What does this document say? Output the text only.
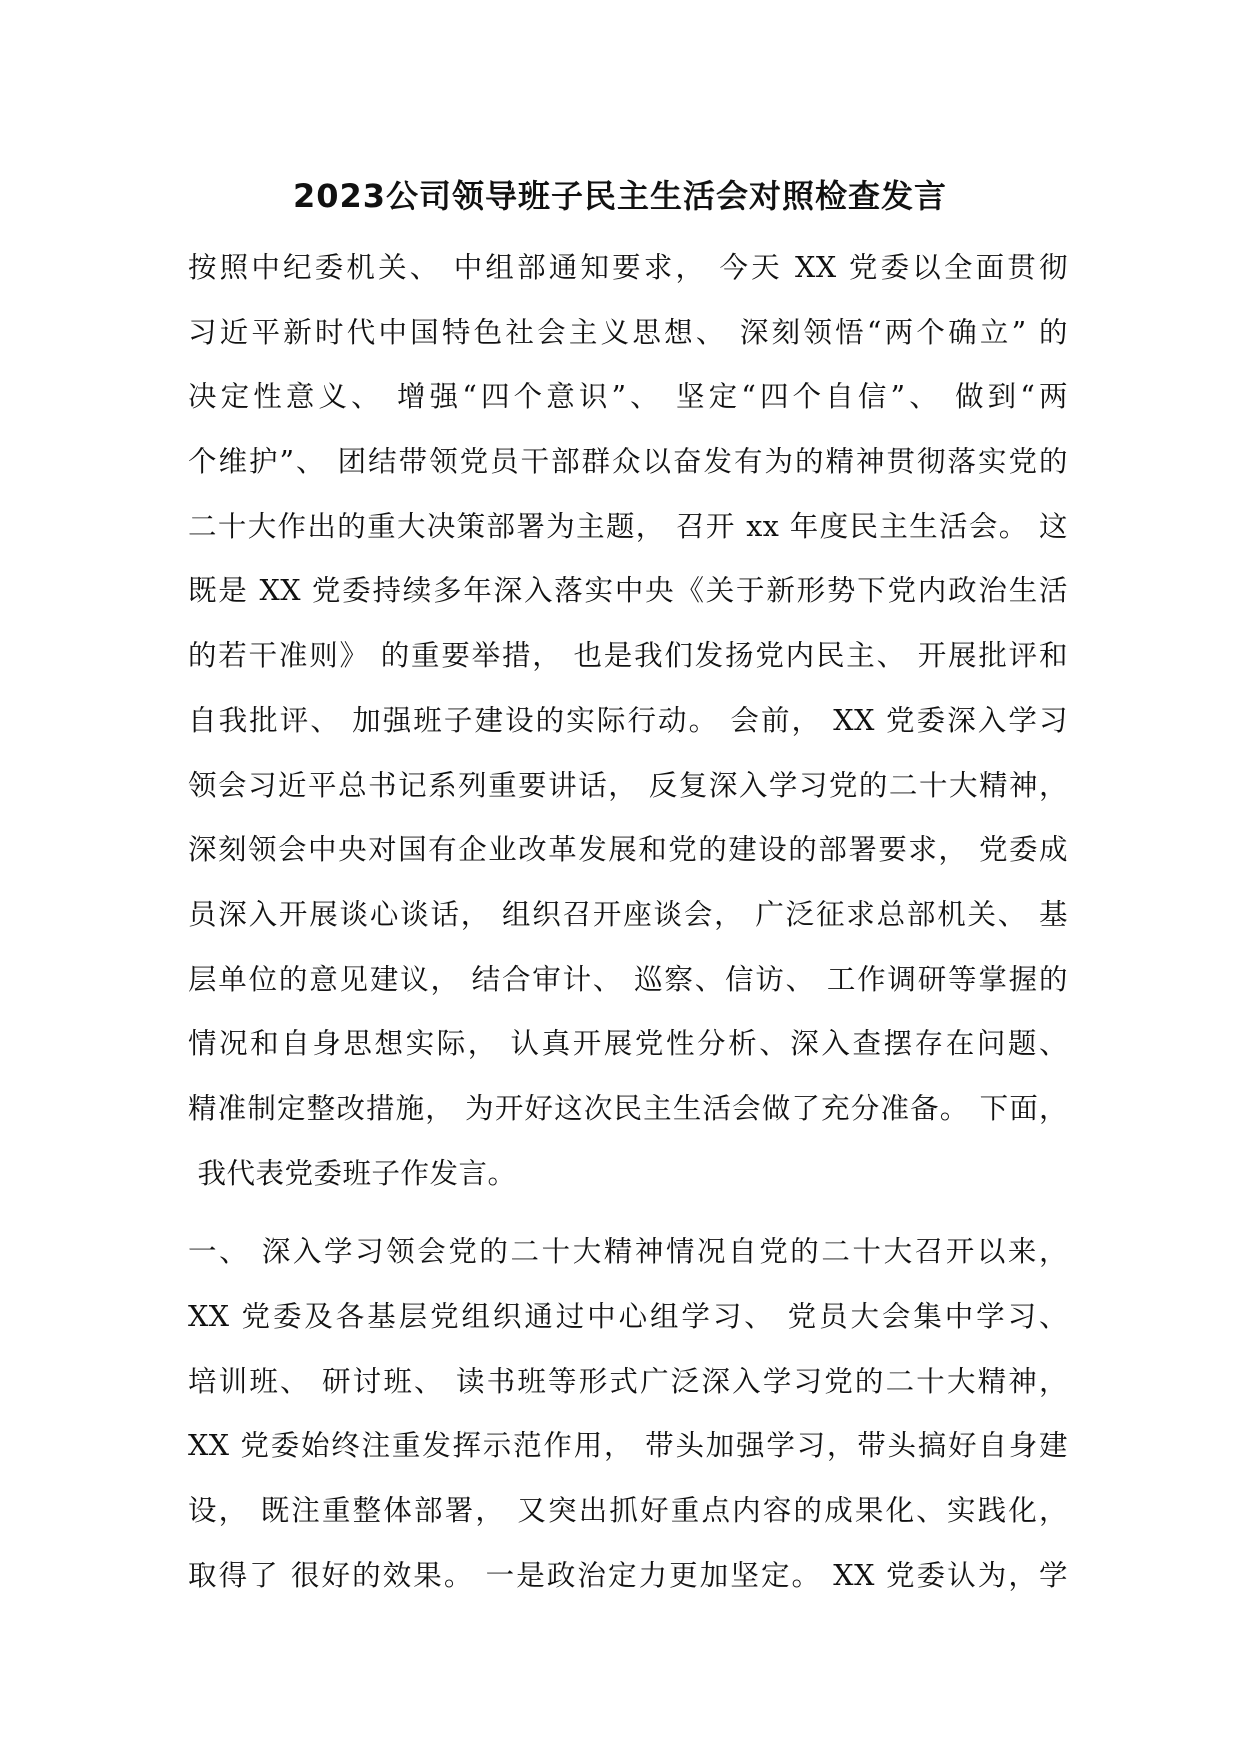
2023公司领导班子民主生活会对照检查发言
按照中纪委机关、 中组部通知要求， 今天 XX 党委以全面贯彻
习近平新时代中国特色社会主义思想、 深刻领悟“两个确立” 的
决定性意义、 增强“四个意识”、 坚定“四个自信”、 做到“两
个维护”、 团结带领党员干部群众以奋发有为的精神贯彻落实党的
二十大作出的重大决策部署为主题， 召开 xx 年度民主生活会。 这
既是 XX 党委持续多年深入落实中央《关于新形势下党内政治生活
的若干准则》 的重要举措， 也是我们发扬党内民主、 开展批评和
自我批评、 加强班子建设的实际行动。 会前， XX 党委深入学习
领会习近平总书记系列重要讲话， 反复深入学习党的二十大精神，
深刻领会中央对国有企业改革发展和党的建设的部署要求， 党委成
员深入开展谈心谈话， 组织召开座谈会， 广泛征求总部机关、 基
层单位的意见建议， 结合审计、 巡察、信访、 工作调研等掌握的
情况和自身思想实际， 认真开展党性分析、深入查摆存在问题、
精准制定整改措施， 为开好这次民主生活会做了充分准备。 下面，
我代表党委班子作发言。
一、 深入学习领会党的二十大精神情况自党的二十大召开以来，
XX 党委及各基层党组织通过中心组学习、 党员大会集中学习、
培训班、 研讨班、 读书班等形式广泛深入学习党的二十大精神，
XX 党委始终注重发挥示范作用， 带头加强学习，带头搞好自身建
设， 既注重整体部署， 又突出抓好重点内容的成果化、实践化，
取得了 很好的效果。 一是政治定力更加坚定。 XX 党委认为，学
